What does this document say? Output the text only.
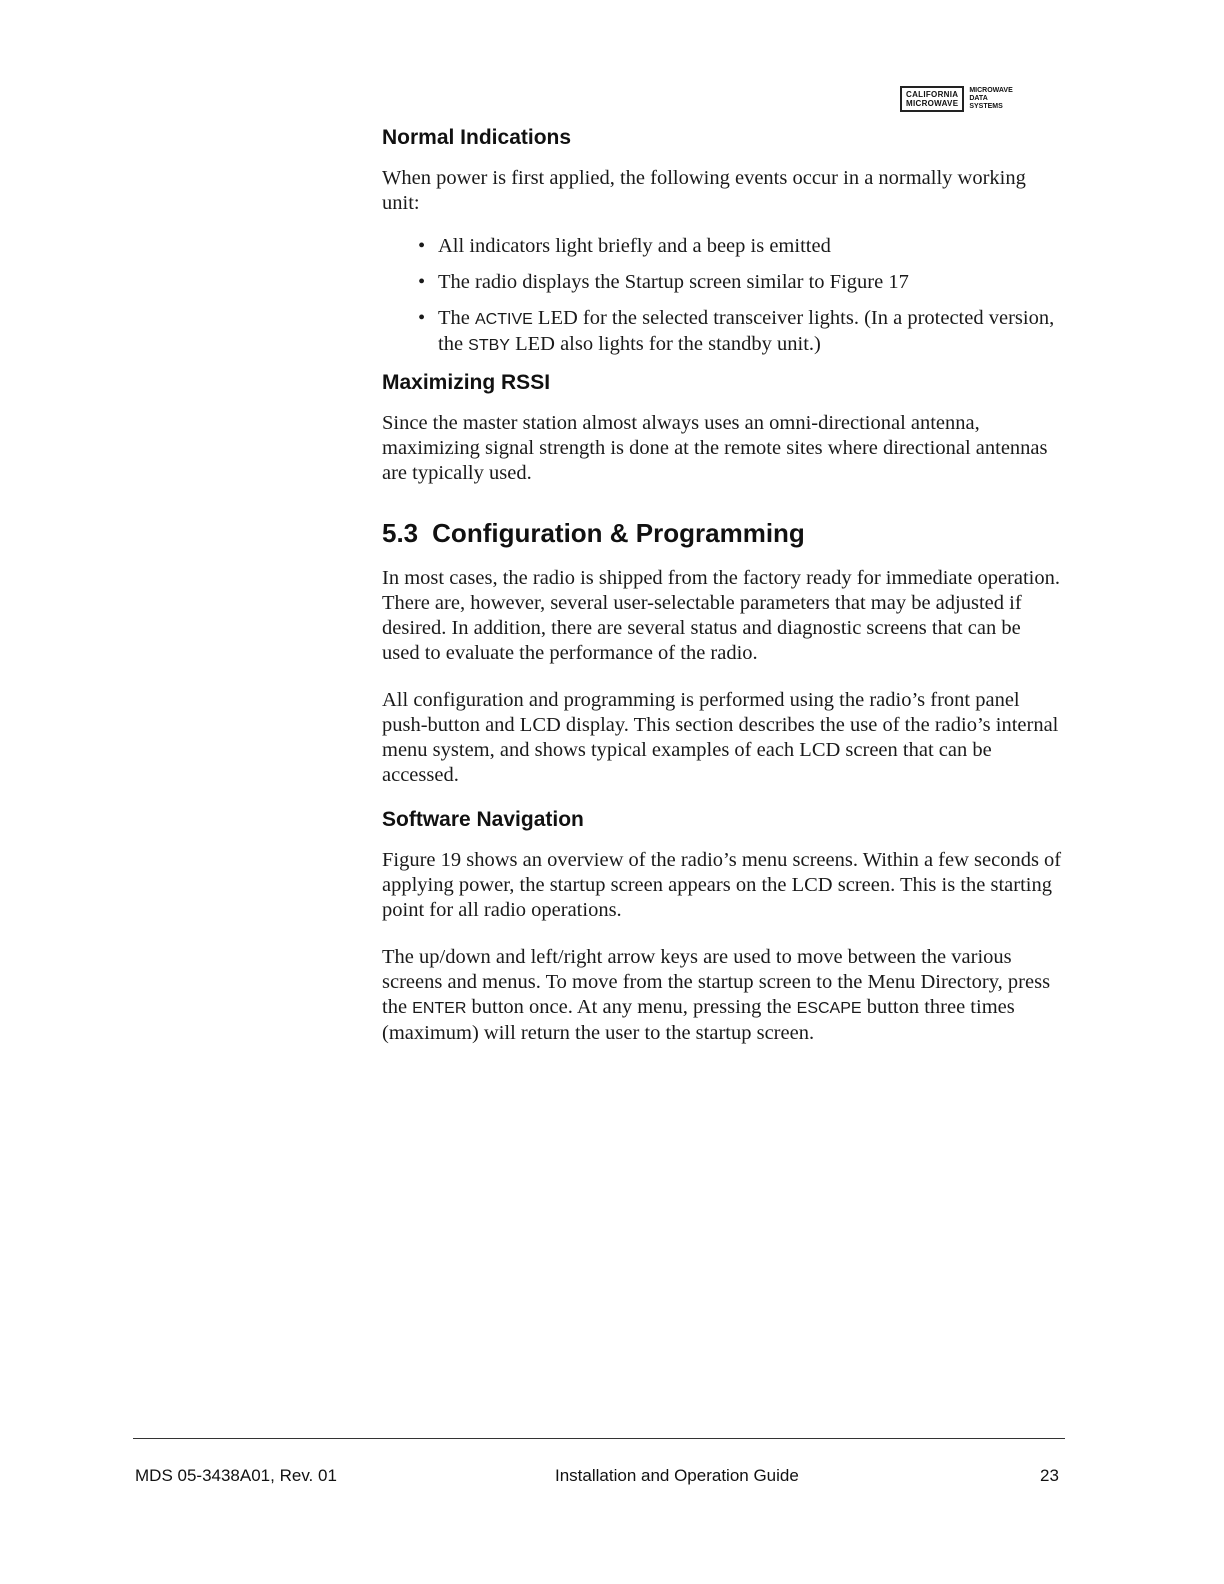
CALIFORNIA
MICROWAVE
MICROWAVE
DATA
SYSTEMS
Normal Indications

When power is first applied, the following events occur in a normally working unit:

• All indicators light briefly and a beep is emitted
• The radio displays the Startup screen similar to Figure 17
• The ACTIVE LED for the selected transceiver lights. (In a protected version, the STBY LED also lights for the standby unit.)
Maximizing RSSI

Since the master station almost always uses an omni-directional antenna, maximizing signal strength is done at the remote sites where directional antennas are typically used.

5.3 Configuration & Programming

In most cases, the radio is shipped from the factory ready for immediate operation. There are, however, several user-selectable parameters that may be adjusted if desired. In addition, there are several status and diagnostic screens that can be used to evaluate the performance of the radio.

All configuration and programming is performed using the radio’s front panel push-button and LCD display. This section describes the use of the radio’s internal menu system, and shows typical examples of each LCD screen that can be accessed.

Software Navigation

Figure 19 shows an overview of the radio’s menu screens. Within a few seconds of applying power, the startup screen appears on the LCD screen. This is the starting point for all radio operations.

The up/down and left/right arrow keys are used to move between the various screens and menus. To move from the startup screen to the Menu Directory, press the ENTER button once. At any menu, pressing the ESCAPE button three times (maximum) will return the user to the startup screen.

MDS 05-3438A01, Rev. 01	Installation and Operation Guide	23
